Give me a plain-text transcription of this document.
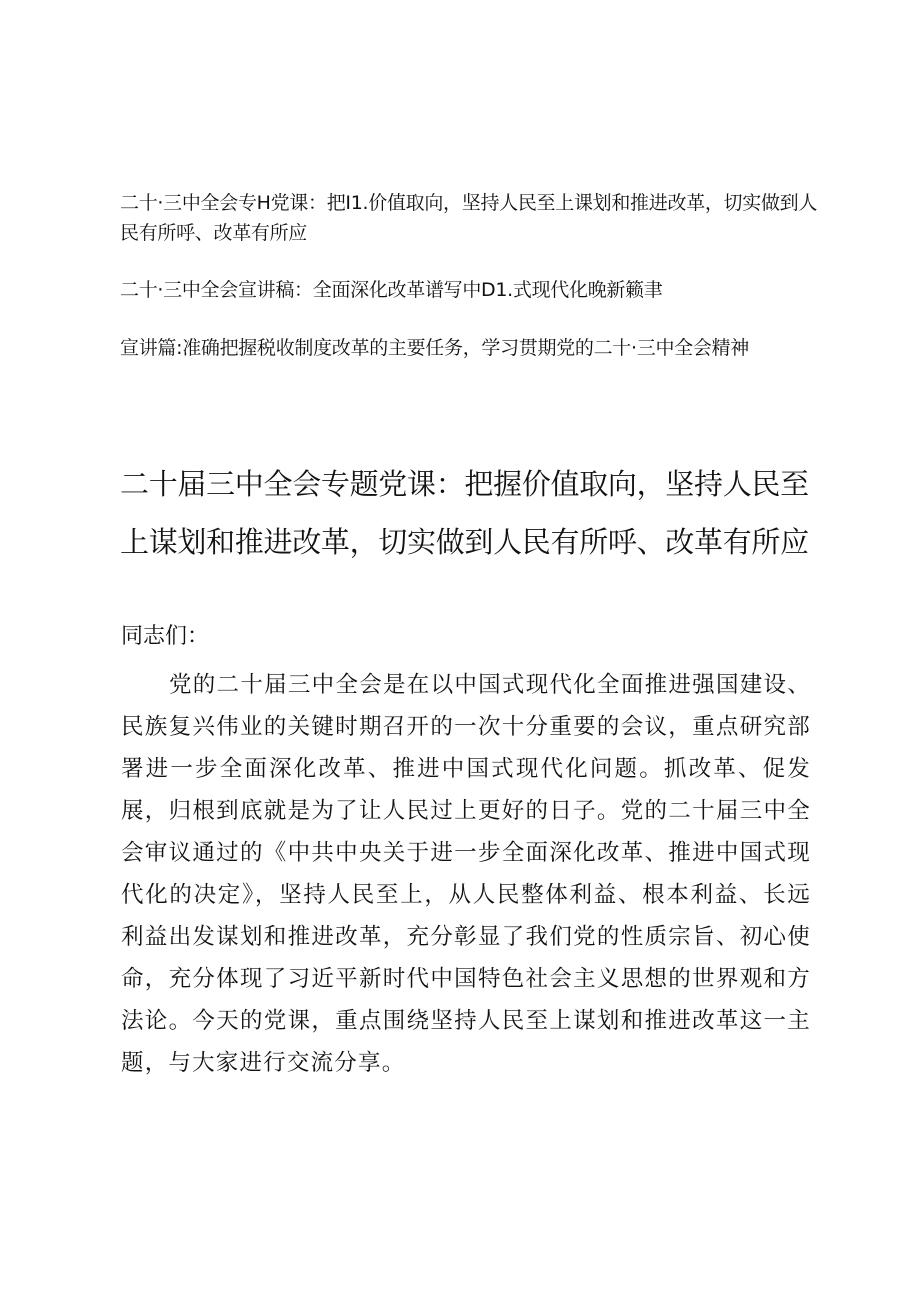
二十·三中全会专H党课：把I1.价值取向，坚持人民至上课划和推进改革，切实做到人民有所呼、改革有所应
二十·三中全会宣讲稿：全面深化改革谱写中D1.式现代化晚新籁聿
宣讲篇:准确把握税收制度改革的主要任务，学习贯期党的二十·三中全会精神
二十届三中全会专题党课：把握价值取向，坚持人民至上谋划和推进改革，切实做到人民有所呼、改革有所应
同志们：

党的二十届三中全会是在以中国式现代化全面推进强国建设、民族复兴伟业的关键时期召开的一次十分重要的会议，重点研究部署进一步全面深化改革、推进中国式现代化问题。抓改革、促发展，归根到底就是为了让人民过上更好的日子。党的二十届三中全会审议通过的《中共中央关于进一步全面深化改革、推进中国式现代化的决定》，坚持人民至上，从人民整体利益、根本利益、长远利益出发谋划和推进改革，充分彰显了我们党的性质宗旨、初心使命，充分体现了习近平新时代中国特色社会主义思想的世界观和方法论。今天的党课，重点围绕坚持人民至上谋划和推进改革这一主题，与大家进行交流分享。
